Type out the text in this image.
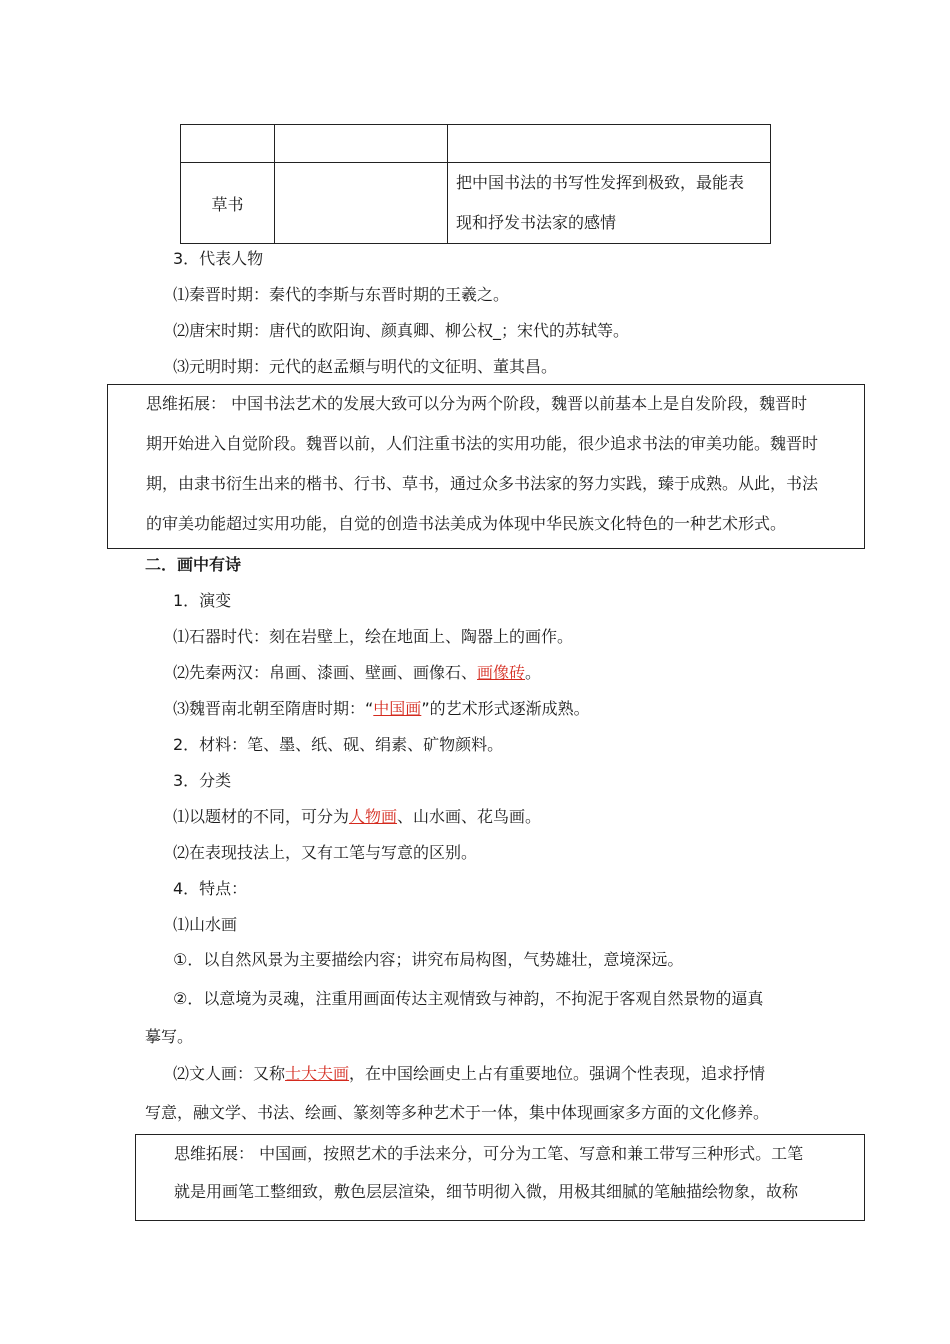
草书		把中国书法的书写性发挥到极致，最能表
现和抒发书法家的感情
3．代表人物
⑴秦晋时期：秦代的李斯与东晋时期的王羲之。
⑵唐宋时期：唐代的欧阳询、颜真卿、柳公权_；宋代的苏轼等。
⑶元明时期：元代的赵孟頫与明代的文征明、董其昌。
思维拓展： 中国书法艺术的发展大致可以分为两个阶段，魏晋以前基本上是自发阶段，魏晋时
期开始进入自觉阶段。魏晋以前，人们注重书法的实用功能，很少追求书法的审美功能。魏晋时
期，由隶书衍生出来的楷书、行书、草书，通过众多书法家的努力实践，臻于成熟。从此，书法
的审美功能超过实用功能，自觉的创造书法美成为体现中华民族文化特色的一种艺术形式。
二．画中有诗
1．演变
⑴石器时代：刻在岩壁上，绘在地面上、陶器上的画作。
⑵先秦两汉：帛画、漆画、壁画、画像石、画像砖。
⑶魏晋南北朝至隋唐时期：“中国画”的艺术形式逐渐成熟。
2．材料：笔、墨、纸、砚、绢素、矿物颜料。
3．分类
⑴以题材的不同，可分为人物画、山水画、花鸟画。
⑵在表现技法上，又有工笔与写意的区别。
4．特点：
⑴山水画
①．以自然风景为主要描绘内容；讲究布局构图，气势雄壮，意境深远。
②．以意境为灵魂，注重用画面传达主观情致与神韵，不拘泥于客观自然景物的逼真
摹写。
⑵文人画：又称士大夫画，在中国绘画史上占有重要地位。强调个性表现，追求抒情
写意，融文学、书法、绘画、篆刻等多种艺术于一体，集中体现画家多方面的文化修养。
思维拓展： 中国画，按照艺术的手法来分，可分为工笔、写意和兼工带写三种形式。工笔
就是用画笔工整细致，敷色层层渲染，细节明彻入微，用极其细腻的笔触描绘物象，故称
